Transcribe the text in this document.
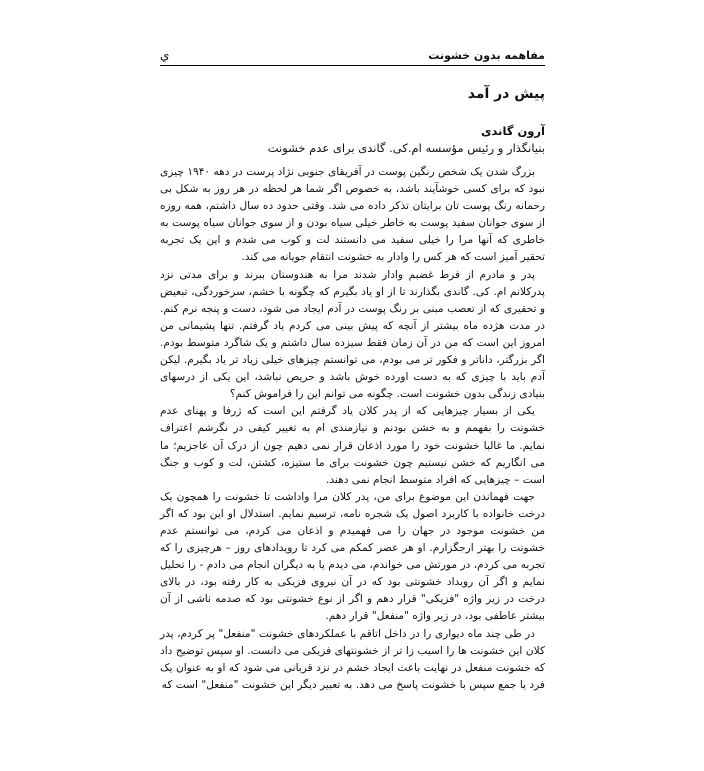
مفاهمه بدون خشونت
ي
پيش در آمد
آرون گاندی
بنیانگذار و رئیس مؤسسه ام.کی. گاندی برای عدم خشونت

بزرگ شدن یک شخص رنگین پوست در آفریقای جنوبی نژاد پرست در دهه ۱۹۴۰ چیزی نبود که برای کسی خوشآیند باشد، به خصوص اگر شما هر لحظه در هر روز به شکل بی رحمانه رنگ پوست تان برایتان تذکر داده می شد. وقتی حدود ده سال داشتم، همه روزه از سوی جوانان سفید پوست به خاطر خیلی سیاه بودن و از سوی جوانان سیاه پوست به خاطری که آنها مرا را خیلی سفید می دانستند لت و کوب می شدم و این یک تجربه تحقیر آمیز است که هر کس را وادار به خشونت انتقام جویانه می کند.

پدر و مادرم از فرط غضبم وادار شدند مرا به هندوستان ببرند و برای مدتی نزد پدرکلانم ام. کی. گاندی بگذارند تا از او یاد بگیرم که چگونه با خشم، سرخوردگی، تبعیض و تحقیری که از تعصب مبنی بر رنگ پوست در آدم ایجاد می شود، دست و پنجه نرم کنم. در مدت هژده ماه بیشتر از آنچه که پیش بینی می کردم یاد گرفتم. تنها پشیمانی من امروز این است که من در آن زمان فقط سیزده سال داشتم و یک شاگرد متوسط بودم. اگر بزرگتر، داناتر و فکور تر می بودم، می توانستم چیزهای خیلی زیاد تر یاد بگیرم. لیکن آدم باید با چیزی که به دست اورده خوش باشد و حریص نباشد، این یکی از درسهای بنیادی زندگی بدون خشونت است. چگونه می توانم این را فراموش کنم؟

یکی از بسیار چیزهایی که از پدر کلان یاد گرفتم این است که ژرفا و پهنای عدم خشونت را بفهمم و به خشن بودنم و نیازمندی ام به تغییر کیفی در نگرشم اعتراف نمایم. ما غالبا خشونت خود را مورد اذعان قرار نمی دهیم چون از درک آن عاجزیم؛ ما می انگاریم که خشن نیستیم چون خشونت برای ما ستیزه، کشتن، لت و کوب و جنگ است – چیزهایی که افراد متوسط انجام نمی دهند.

جهت فهماندن این موضوع برای من، پدر کلان مرا واداشت تا خشونت را همچون یک درخت خانواده با کاربرد اصول یک شجره نامه، ترسیم نمایم. استدلال او این بود که اگر من خشونت موجود در جهان را می فهمیدم و اذعان می کردم، می توانستم عدم خشونت را بهتر ارجگزارم. او هر عصر کمکم می کرد تا رویدادهای روز – هرچیزی را که تجربه می کردم، در مورتش می خواندم، می دیدم یا به دیگران انجام می دادم - را تحلیل نمایم و اگر آن رویداد خشونتی بود که در آن نیروی فزیکی به کار رفته بود، در بالای درخت در زیر واژه "فزیکی" قرار دهم و اگر از نوع خشونتی بود که صدمه ناشی از آن بیشتر عاطفی بود، در زیر واژه "منفعل" قرار دهم.

در طی چند ماه دیواری را در داخل اتاقم با عملکردهای خشونت "منفعل" پر کردم، پدر کلان این خشونت ها را اسیب زا تر از خشونتهای فزیکی می دانست. او سپس توضیح داد که خشونت منفعل در نهایت باعث ایجاد خشم در نزد قربانی می شود که او به عنوان یک فرد یا جمع سپس با خشونت پاسخ می دهد. به تعبیر دیگر این خشونت "منفعل" است که
